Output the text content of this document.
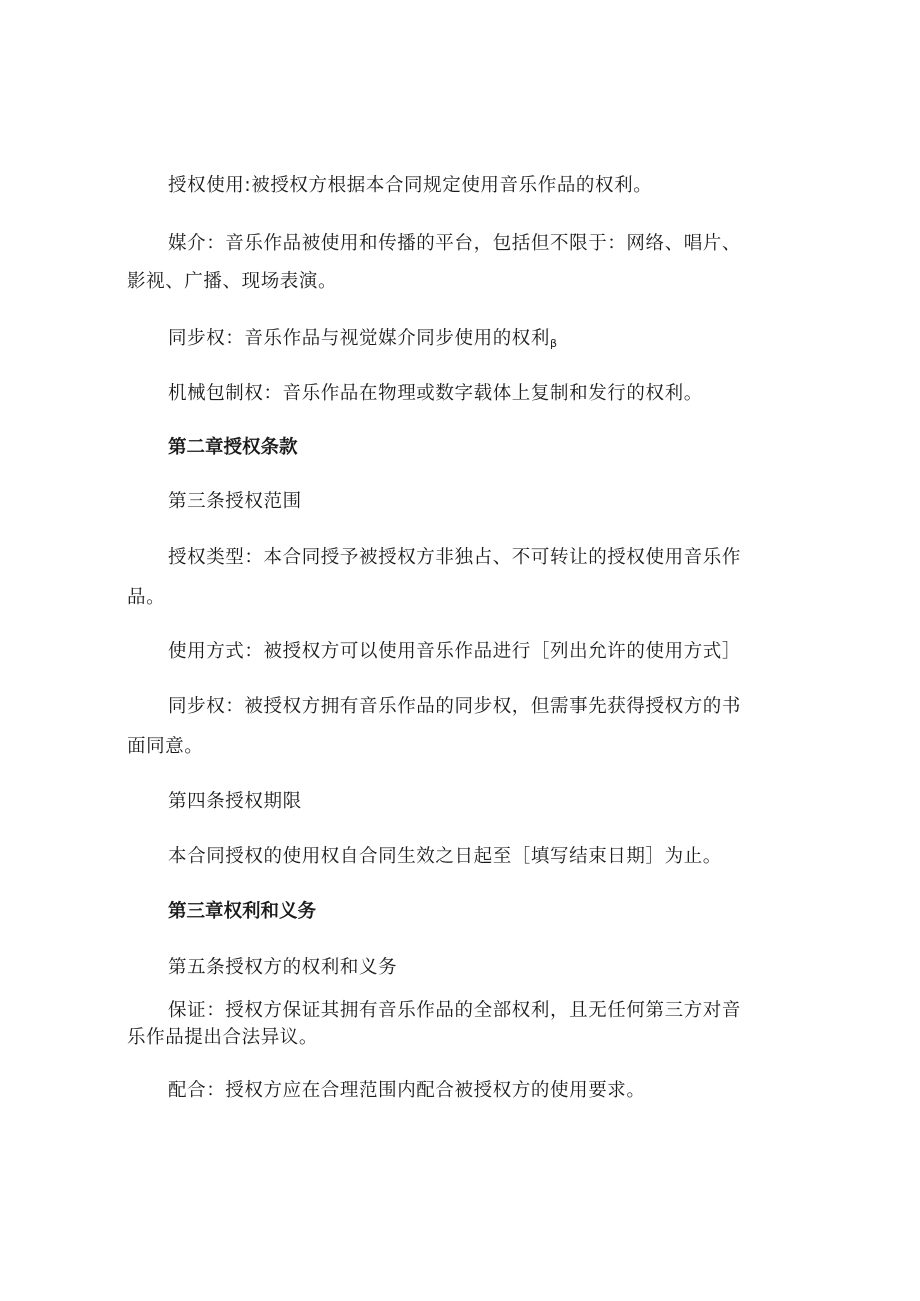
授权使用:被授权方根据本合同规定使用音乐作品的权利。
媒介：音乐作品被使用和传播的平台，包括但不限于：网络、唱片、
影视、广播、现场表演。
同步权：音乐作品与视觉媒介同步使用的权利$_\beta$
机械包制权：音乐作品在物理或数字载体上复制和发行的权利。
第二章授权条款
第三条授权范围
授权类型：本合同授予被授权方非独占、不可转让的授权使用音乐作
品。
使用方式：被授权方可以使用音乐作品进行［列出允许的使用方式］
同步权：被授权方拥有音乐作品的同步权，但需事先获得授权方的书
面同意。
第四条授权期限
本合同授权的使用权自合同生效之日起至［填写结束日期］为止。
第三章权利和义务
第五条授权方的权利和义务
保证：授权方保证其拥有音乐作品的全部权利，且无任何第三方对音
乐作品提出合法异议。
配合：授权方应在合理范围内配合被授权方的使用要求。
